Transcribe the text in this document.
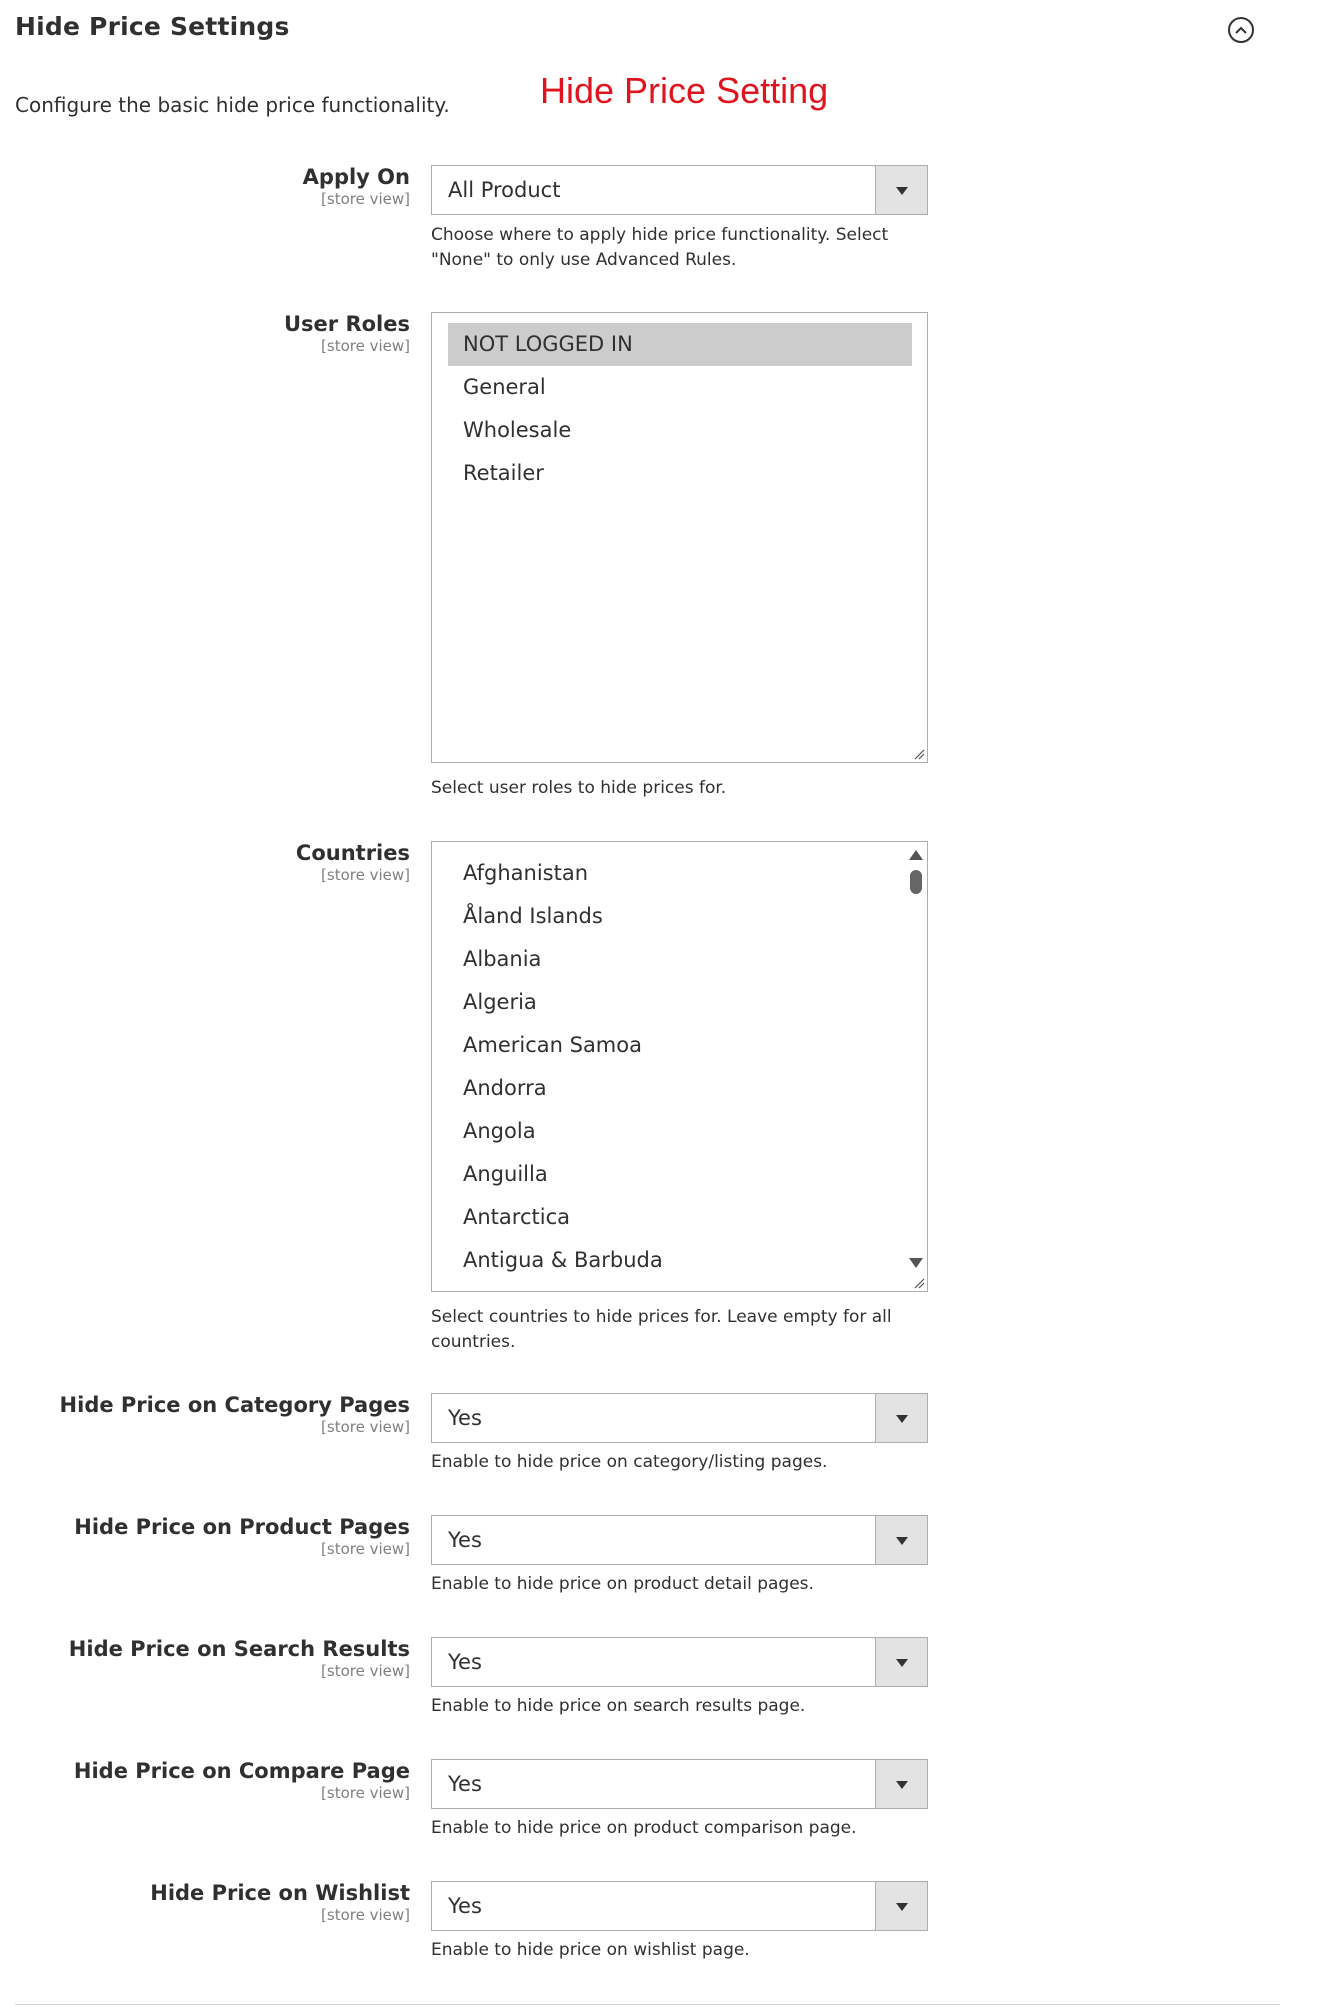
Hide Price Settings
Configure the basic hide price functionality.	Hide Price Setting
Apply On
[store view] All Product
Choose where to apply hide price functionality. Select "None" to only use Advanced Rules.
User Roles
[store view]	NOT LOGGED IN
General
Wholesale
Retailer
Select user roles to hide prices for.
Countries
[store view]	Afghanistan
Åland Islands
Albania
Algeria
American Samoa
Andorra
Angola
Anguilla
Antarctica
Antigua & Barbuda
Select countries to hide prices for. Leave empty for all countries.
Hide Price on Category Pages
[store view] Yes
Enable to hide price on category/listing pages.
Hide Price on Product Pages
[store view] Yes
Enable to hide price on product detail pages.
Hide Price on Search Results
[store view] Yes
Enable to hide price on search results page.
Hide Price on Compare Page
[store view] Yes
Enable to hide price on product comparison page.
Hide Price on Wishlist
[store view] Yes
Enable to hide price on wishlist page.
